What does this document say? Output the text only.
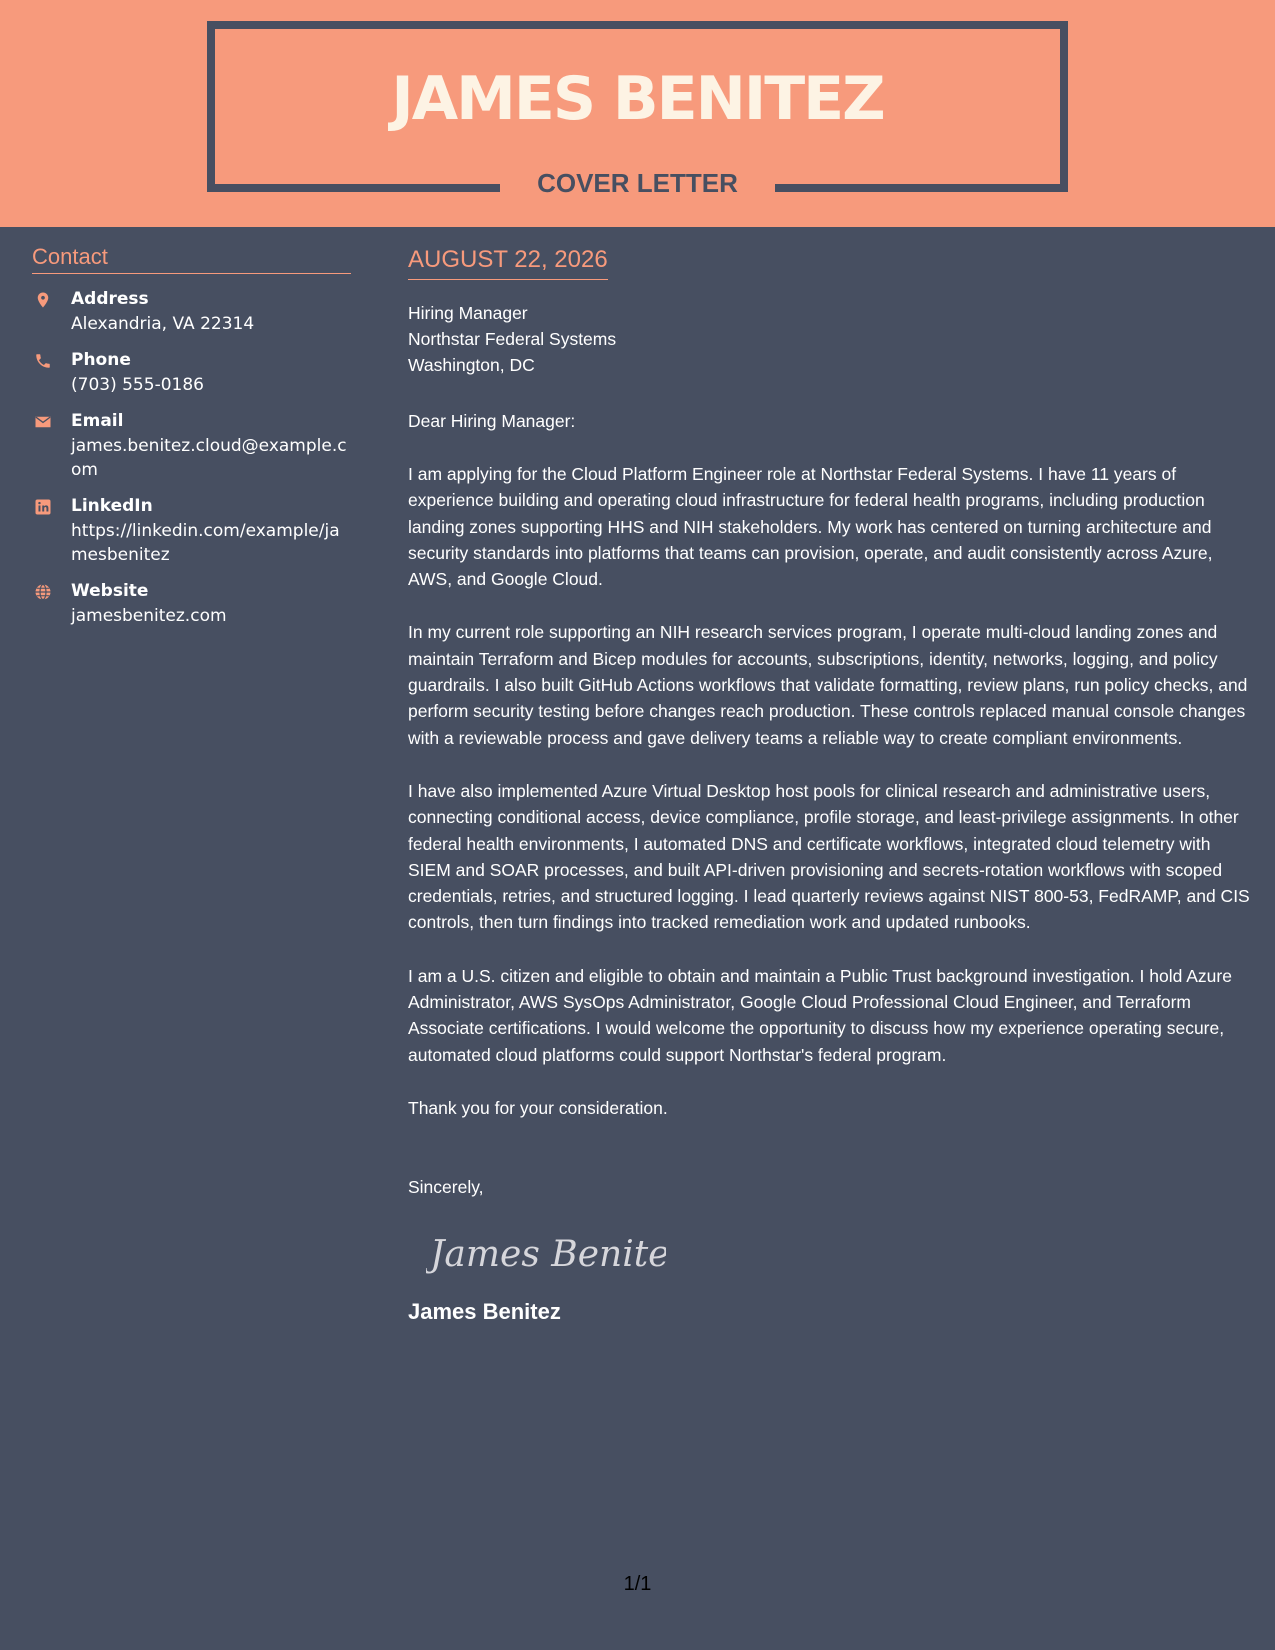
JAMES BENITEZ
COVER LETTER
Contact
Address
Alexandria, VA 22314
Phone
(703) 555-0186
Email
james.benitez.cloud@example.com
LinkedIn
https://linkedin.com/example/jamesbenitez
Website
jamesbenitez.com
AUGUST 22, 2026
Hiring Manager
Northstar Federal Systems
Washington, DC
Dear Hiring Manager:
I am applying for the Cloud Platform Engineer role at Northstar Federal Systems. I have 11 years of experience building and operating cloud infrastructure for federal health programs, including production landing zones supporting HHS and NIH stakeholders. My work has centered on turning architecture and security standards into platforms that teams can provision, operate, and audit consistently across Azure, AWS, and Google Cloud.
In my current role supporting an NIH research services program, I operate multi-cloud landing zones and maintain Terraform and Bicep modules for accounts, subscriptions, identity, networks, logging, and policy guardrails. I also built GitHub Actions workflows that validate formatting, review plans, run policy checks, and perform security testing before changes reach production. These controls replaced manual console changes with a reviewable process and gave delivery teams a reliable way to create compliant environments.
I have also implemented Azure Virtual Desktop host pools for clinical research and administrative users, connecting conditional access, device compliance, profile storage, and least-privilege assignments. In other federal health environments, I automated DNS and certificate workflows, integrated cloud telemetry with SIEM and SOAR processes, and built API-driven provisioning and secrets-rotation workflows with scoped credentials, retries, and structured logging. I lead quarterly reviews against NIST 800-53, FedRAMP, and CIS controls, then turn findings into tracked remediation work and updated runbooks.
I am a U.S. citizen and eligible to obtain and maintain a Public Trust background investigation. I hold Azure Administrator, AWS SysOps Administrator, Google Cloud Professional Cloud Engineer, and Terraform Associate certifications. I would welcome the opportunity to discuss how my experience operating secure, automated cloud platforms could support Northstar's federal program.
Thank you for your consideration.
Sincerely,
James Benitez
James Benitez
1/1
